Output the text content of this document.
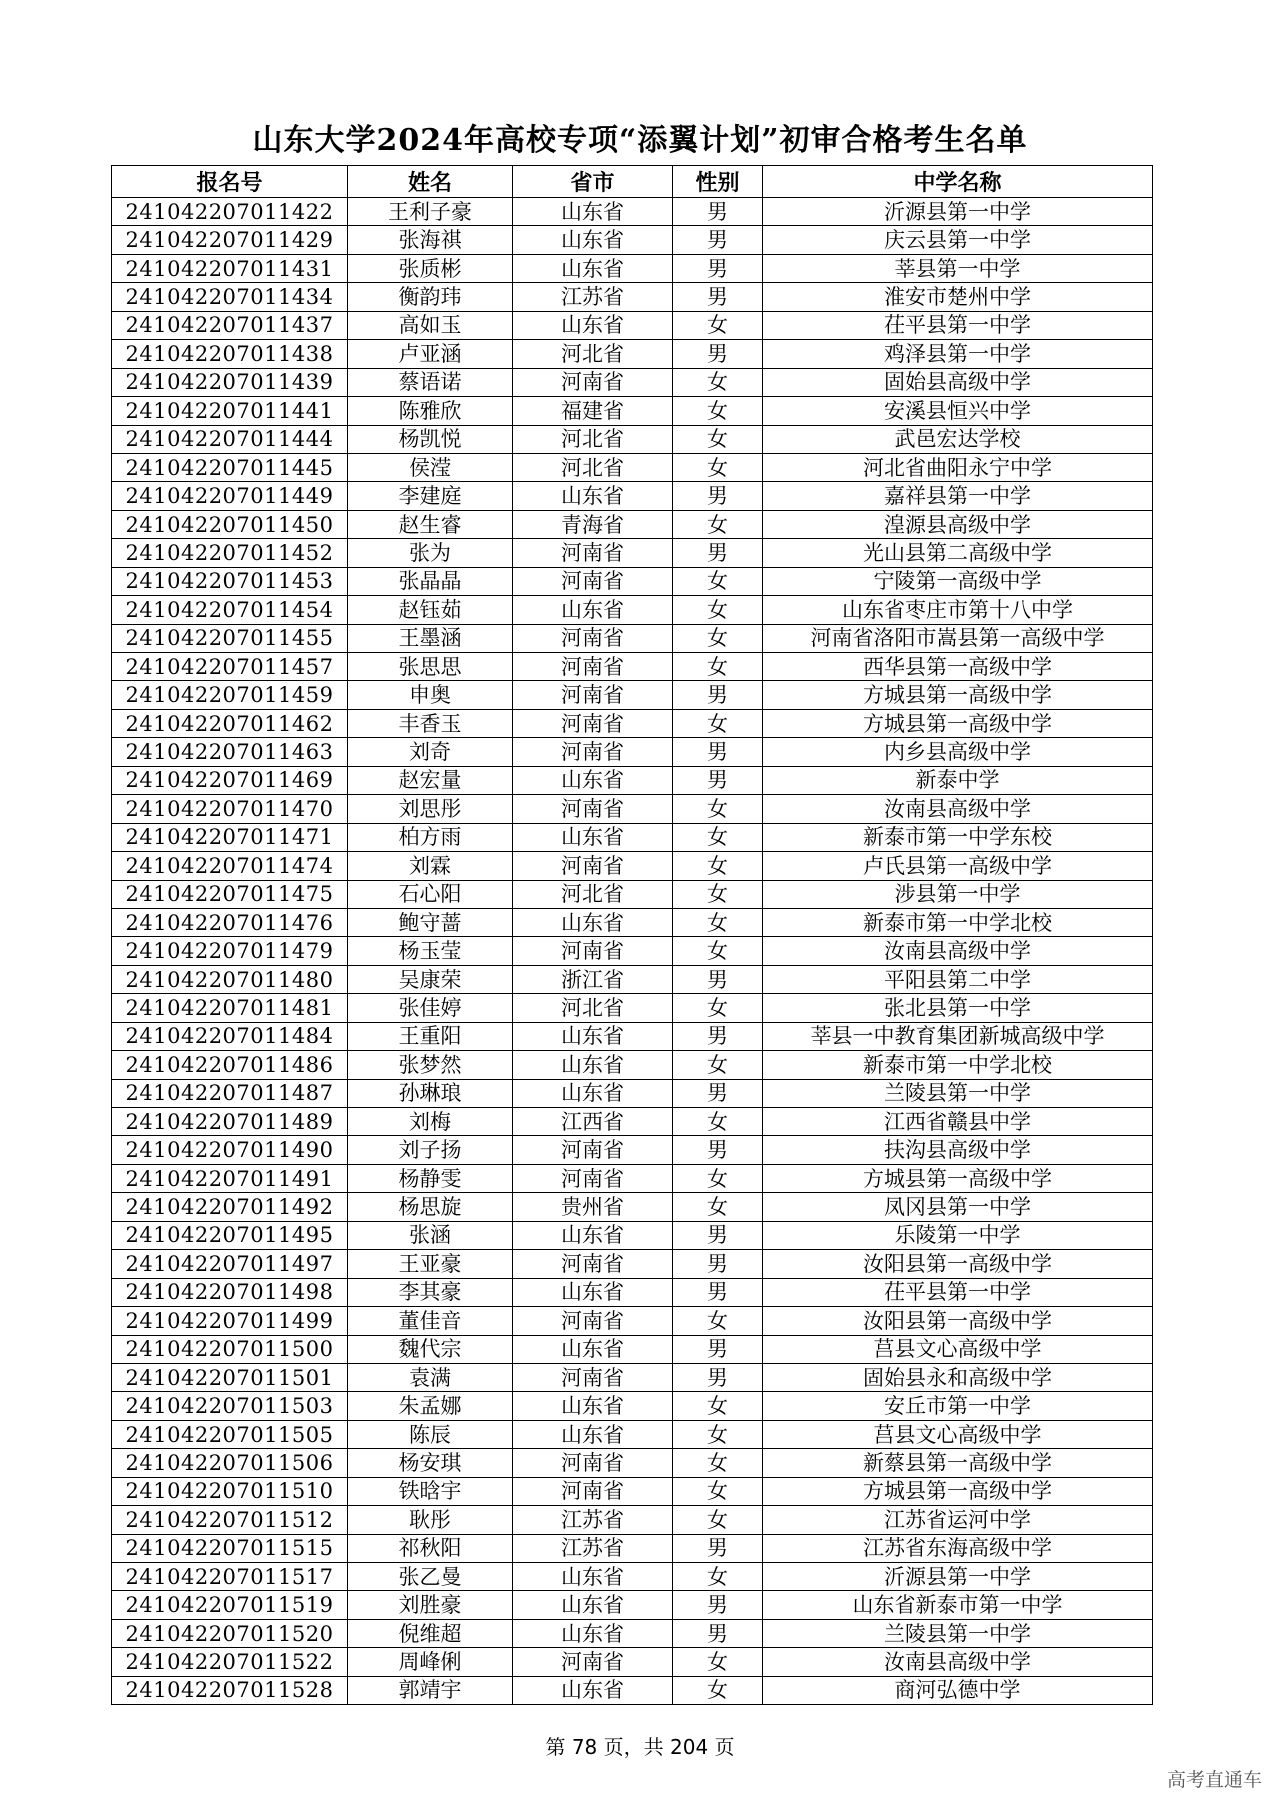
山东大学2024年高校专项“添翼计划”初审合格考生名单
报名号	姓名	省市	性别	中学名称
241042207011422	王利子豪	山东省	男	沂源县第一中学
241042207011429	张海祺	山东省	男	庆云县第一中学
241042207011431	张质彬	山东省	男	莘县第一中学
241042207011434	衡韵玮	江苏省	男	淮安市楚州中学
241042207011437	高如玉	山东省	女	茌平县第一中学
241042207011438	卢亚涵	河北省	男	鸡泽县第一中学
241042207011439	蔡语诺	河南省	女	固始县高级中学
241042207011441	陈雅欣	福建省	女	安溪县恒兴中学
241042207011444	杨凯悦	河北省	女	武邑宏达学校
241042207011445	侯滢	河北省	女	河北省曲阳永宁中学
241042207011449	李建庭	山东省	男	嘉祥县第一中学
241042207011450	赵生睿	青海省	女	湟源县高级中学
241042207011452	张为	河南省	男	光山县第二高级中学
241042207011453	张晶晶	河南省	女	宁陵第一高级中学
241042207011454	赵钰茹	山东省	女	山东省枣庄市第十八中学
241042207011455	王墨涵	河南省	女	河南省洛阳市嵩县第一高级中学
241042207011457	张思思	河南省	女	西华县第一高级中学
241042207011459	申奥	河南省	男	方城县第一高级中学
241042207011462	丰香玉	河南省	女	方城县第一高级中学
241042207011463	刘奇	河南省	男	内乡县高级中学
241042207011469	赵宏量	山东省	男	新泰中学
241042207011470	刘思彤	河南省	女	汝南县高级中学
241042207011471	柏方雨	山东省	女	新泰市第一中学东校
241042207011474	刘霖	河南省	女	卢氏县第一高级中学
241042207011475	石心阳	河北省	女	涉县第一中学
241042207011476	鲍守蔷	山东省	女	新泰市第一中学北校
241042207011479	杨玉莹	河南省	女	汝南县高级中学
241042207011480	吴康荣	浙江省	男	平阳县第二中学
241042207011481	张佳婷	河北省	女	张北县第一中学
241042207011484	王重阳	山东省	男	莘县一中教育集团新城高级中学
241042207011486	张梦然	山东省	女	新泰市第一中学北校
241042207011487	孙琳琅	山东省	男	兰陵县第一中学
241042207011489	刘梅	江西省	女	江西省赣县中学
241042207011490	刘子扬	河南省	男	扶沟县高级中学
241042207011491	杨静雯	河南省	女	方城县第一高级中学
241042207011492	杨思旋	贵州省	女	凤冈县第一中学
241042207011495	张涵	山东省	男	乐陵第一中学
241042207011497	王亚豪	河南省	男	汝阳县第一高级中学
241042207011498	李其豪	山东省	男	茌平县第一中学
241042207011499	董佳音	河南省	女	汝阳县第一高级中学
241042207011500	魏代宗	山东省	男	莒县文心高级中学
241042207011501	袁满	河南省	男	固始县永和高级中学
241042207011503	朱孟娜	山东省	女	安丘市第一中学
241042207011505	陈辰	山东省	女	莒县文心高级中学
241042207011506	杨安琪	河南省	女	新蔡县第一高级中学
241042207011510	铁晗宇	河南省	女	方城县第一高级中学
241042207011512	耿彤	江苏省	女	江苏省运河中学
241042207011515	祁秋阳	江苏省	男	江苏省东海高级中学
241042207011517	张乙曼	山东省	女	沂源县第一中学
241042207011519	刘胜豪	山东省	男	山东省新泰市第一中学
241042207011520	倪维超	山东省	男	兰陵县第一中学
241042207011522	周峰俐	河南省	女	汝南县高级中学
241042207011528	郭靖宇	山东省	女	商河弘德中学
第 78 页，共 204 页
高考直通车
